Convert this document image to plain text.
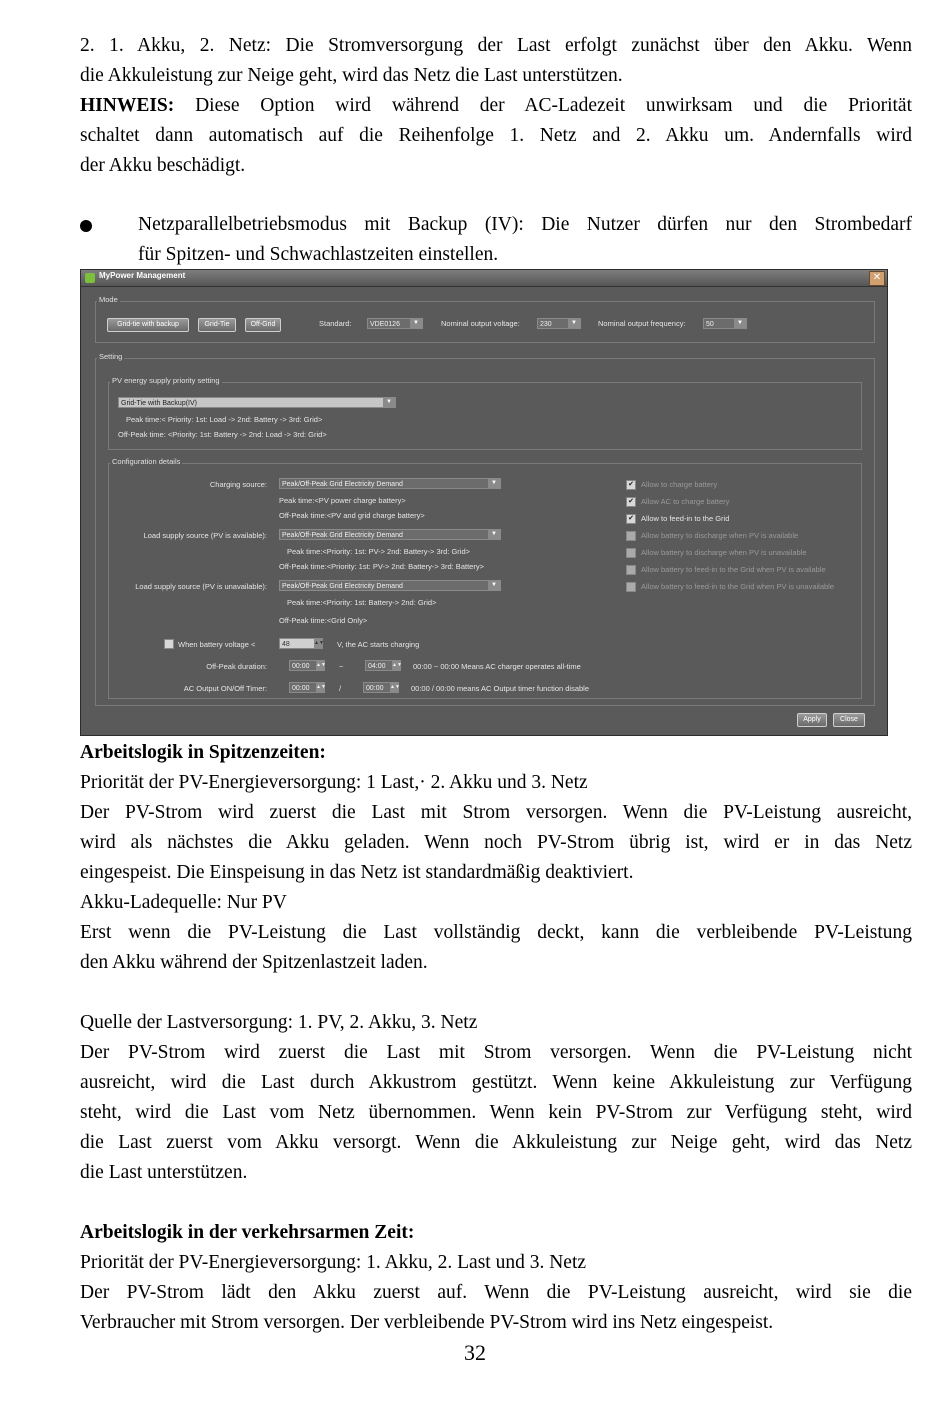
2. 1. Akku, 2. Netz: Die Stromversorgung der Last erfolgt zunächst über den Akku. Wenn
die Akkuleistung zur Neige geht, wird das Netz die Last unterstützen.
HINWEIS: Diese Option wird während der AC-Ladezeit unwirksam und die Priorität
schaltet dann automatisch auf die Reihenfolge 1. Netz and 2. Akku um. Andernfalls wird
der Akku beschädigt.
Netzparallelbetriebsmodus mit Backup (IV): Die Nutzer dürfen nur den Strombedarf
für Spitzen- und Schwachlastzeiten einstellen.
MyPower Management	✕
Mode
Grid-tie with backup	Grid-Tie	Off-Grid	Standard:	VDE0126	▼	Nominal output voltage:	230	▼	Nominal output frequency:	50	▼
Setting
PV energy supply priority setting
Grid-Tie with Backup(IV)	▼
Peak time:< Priority: 1st: Load -> 2nd: Battery -> 3rd: Grid>
Off-Peak time: <Priority: 1st: Battery -> 2nd: Load -> 3rd: Grid>
Configuration details
Charging source:	Peak/Off-Peak Grid Electricity Demand	▼
Peak time:<PV power charge battery>
Off-Peak time:<PV and grid charge battery>
Load supply source (PV is available):	Peak/Off-Peak Grid Electricity Demand	▼
Peak time:<Priority: 1st: PV-> 2nd: Battery-> 3rd: Grid>
Off-Peak time:<Priority: 1st: PV-> 2nd: Battery-> 3rd: Battery>
Load supply source (PV is unavailable):	Peak/Off-Peak Grid Electricity Demand	▼
Peak time:<Priority: 1st: Battery-> 2nd: Grid>
Off-Peak time:<Grid Only>
When battery voltage <	48	▲▼ V, the AC starts charging
Off-Peak duration:	00:00 ▲▼ ~	04:00 ▲▼ 00:00 ~ 00:00 Means AC charger operates all-time
AC Output ON/Off Timer:	00:00 ▲▼ /	00:00 ▲▼ 00:00 / 00:00 means AC Output timer function disable
✔ Allow to charge battery
✔ Allow AC to charge battery
✔ Allow to feed-in to the Grid
Allow battery to discharge when PV is available
Allow battery to discharge when PV is unavailable
Allow battery to feed-in to the Grid when PV is available
Allow battery to feed-in to the Grid when PV is unavailable
Apply	Close
Arbeitslogik in Spitzenzeiten:
Priorität der PV-Energieversorgung: 1 Last,· 2. Akku und 3. Netz
Der PV-Strom wird zuerst die Last mit Strom versorgen. Wenn die PV-Leistung ausreicht,
wird als nächstes die Akku geladen. Wenn noch PV-Strom übrig ist, wird er in das Netz
eingespeist. Die Einspeisung in das Netz ist standardmäßig deaktiviert.
Akku-Ladequelle: Nur PV
Erst wenn die PV-Leistung die Last vollständig deckt, kann die verbleibende PV-Leistung
den Akku während der Spitzenlastzeit laden.
Quelle der Lastversorgung: 1. PV, 2. Akku, 3. Netz
Der PV-Strom wird zuerst die Last mit Strom versorgen. Wenn die PV-Leistung nicht
ausreicht, wird die Last durch Akkustrom gestützt. Wenn keine Akkuleistung zur Verfügung
steht, wird die Last vom Netz übernommen. Wenn kein PV-Strom zur Verfügung steht, wird
die Last zuerst vom Akku versorgt. Wenn die Akkuleistung zur Neige geht, wird das Netz
die Last unterstützen.
Arbeitslogik in der verkehrsarmen Zeit:
Priorität der PV-Energieversorgung: 1. Akku, 2. Last und 3. Netz
Der PV-Strom lädt den Akku zuerst auf. Wenn die PV-Leistung ausreicht, wird sie die
Verbraucher mit Strom versorgen. Der verbleibende PV-Strom wird ins Netz eingespeist.
32
